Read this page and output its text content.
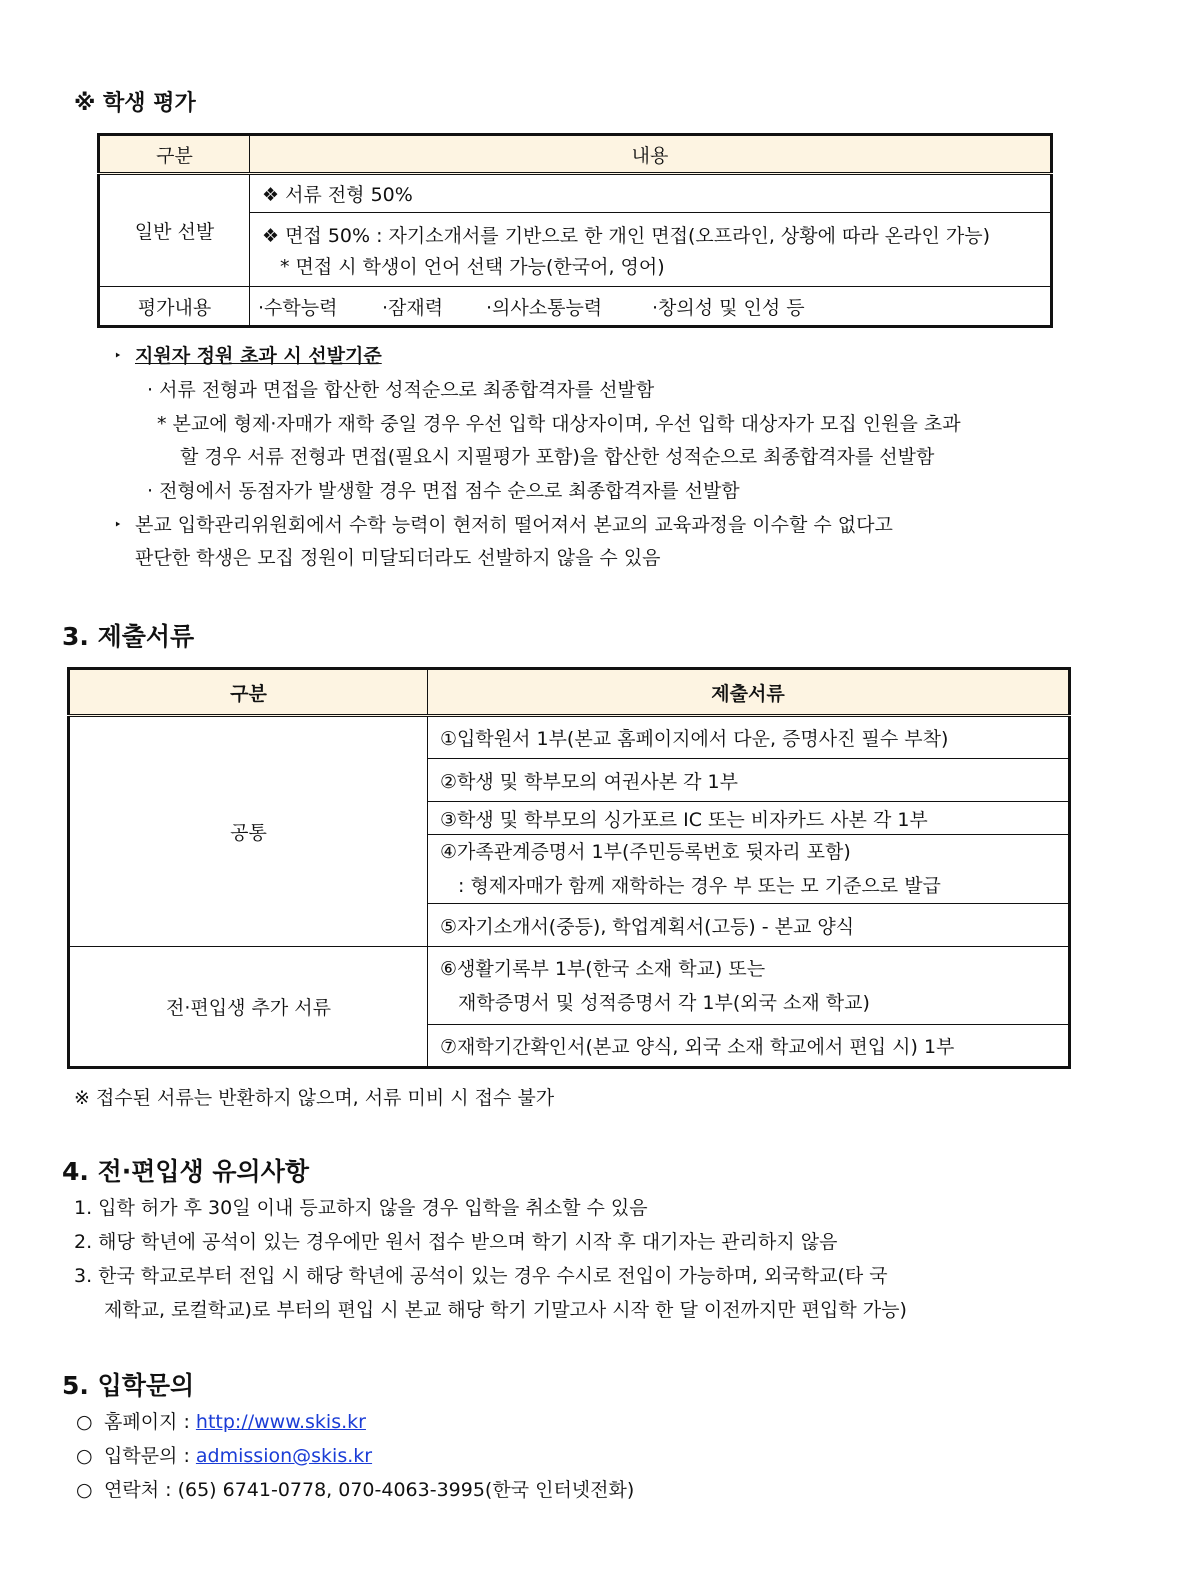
※ 학생 평가
구분	내용
일반 선발	❖ 서류 전형 50%

	❖ 면접 50% : 자기소개서를 기반으로 한 개인 면접(오프라인, 상황에 따라 온라인 가능)
* 면접 시 학생이 언어 선택 가능(한국어, 영어)

평가내용	·수학능력 ·잠재력 ·의사소통능력 ·창의성 및 인성 등
‣ 지원자 정원 초과 시 선발기준
· 서류 전형과 면접을 합산한 성적순으로 최종합격자를 선발함
* 본교에 형제·자매가 재학 중일 경우 우선 입학 대상자이며, 우선 입학 대상자가 모집 인원을 초과
할 경우 서류 전형과 면접(필요시 지필평가 포함)을 합산한 성적순으로 최종합격자를 선발함
· 전형에서 동점자가 발생할 경우 면접 점수 순으로 최종합격자를 선발함
‣ 본교 입학관리위원회에서 수학 능력이 현저히 떨어져서 본교의 교육과정을 이수할 수 없다고
판단한 학생은 모집 정원이 미달되더라도 선발하지 않을 수 있음
3. 제출서류
구분	제출서류
공통	①입학원서 1부(본교 홈페이지에서 다운, 증명사진 필수 부착)
	②학생 및 학부모의 여권사본 각 1부
	③학생 및 학부모의 싱가포르 IC 또는 비자카드 사본 각 1부

	④가족관계증명서 1부(주민등록번호 뒷자리 포함)
: 형제자매가 함께 재학하는 경우 부 또는 모 기준으로 발급

	⑤자기소개서(중등), 학업계획서(고등) - 본교 양식
전·편입생 추가 서류	⑥생활기록부 1부(한국 소재 학교) 또는
재학증명서 및 성적증명서 각 1부(외국 소재 학교)

	⑦재학기간확인서(본교 양식, 외국 소재 학교에서 편입 시) 1부
※ 접수된 서류는 반환하지 않으며, 서류 미비 시 접수 불가
4. 전·편입생 유의사항
1. 입학 허가 후 30일 이내 등교하지 않을 경우 입학을 취소할 수 있음
2. 해당 학년에 공석이 있는 경우에만 원서 접수 받으며 학기 시작 후 대기자는 관리하지 않음
3. 한국 학교로부터 전입 시 해당 학년에 공석이 있는 경우 수시로 전입이 가능하며, 외국학교(타 국
제학교, 로컬학교)로 부터의 편입 시 본교 해당 학기 기말고사 시작 한 달 이전까지만 편입학 가능)
5. 입학문의
○ 홈페이지 : http://www.skis.kr
○ 입학문의 : admission@skis.kr
○ 연락처 : (65) 6741-0778, 070-4063-3995(한국 인터넷전화)
